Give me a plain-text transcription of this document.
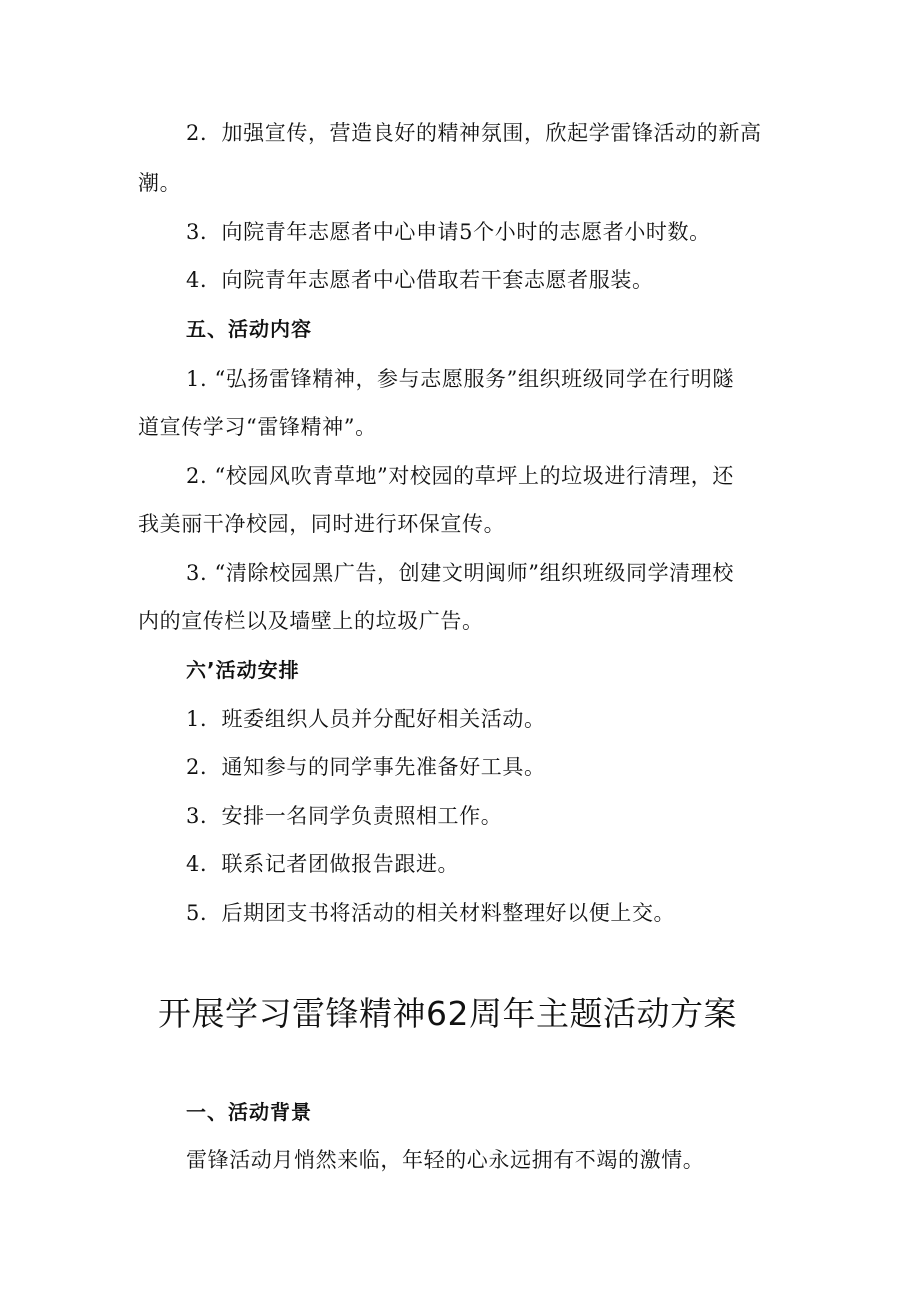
2．加强宣传，营造良好的精神氛围，欣起学雷锋活动的新高
潮。
3．向院青年志愿者中心申请5个小时的志愿者小时数。
4．向院青年志愿者中心借取若干套志愿者服装。
五、活动内容
1. “弘扬雷锋精神，参与志愿服务”组织班级同学在行明隧
道宣传学习“雷锋精神”。
2. “校园风吹青草地”对校园的草坪上的垃圾进行清理，还
我美丽干净校园，同时进行环保宣传。
3. “清除校园黑广告，创建文明闽师”组织班级同学清理校
内的宣传栏以及墙壁上的垃圾广告。
六’活动安排
1．班委组织人员并分配好相关活动。
2．通知参与的同学事先准备好工具。
3．安排一名同学负责照相工作。
4．联系记者团做报告跟进。
5．后期团支书将活动的相关材料整理好以便上交。
开展学习雷锋精神62周年主题活动方案
一、活动背景
雷锋活动月悄然来临，年轻的心永远拥有不竭的激情。
